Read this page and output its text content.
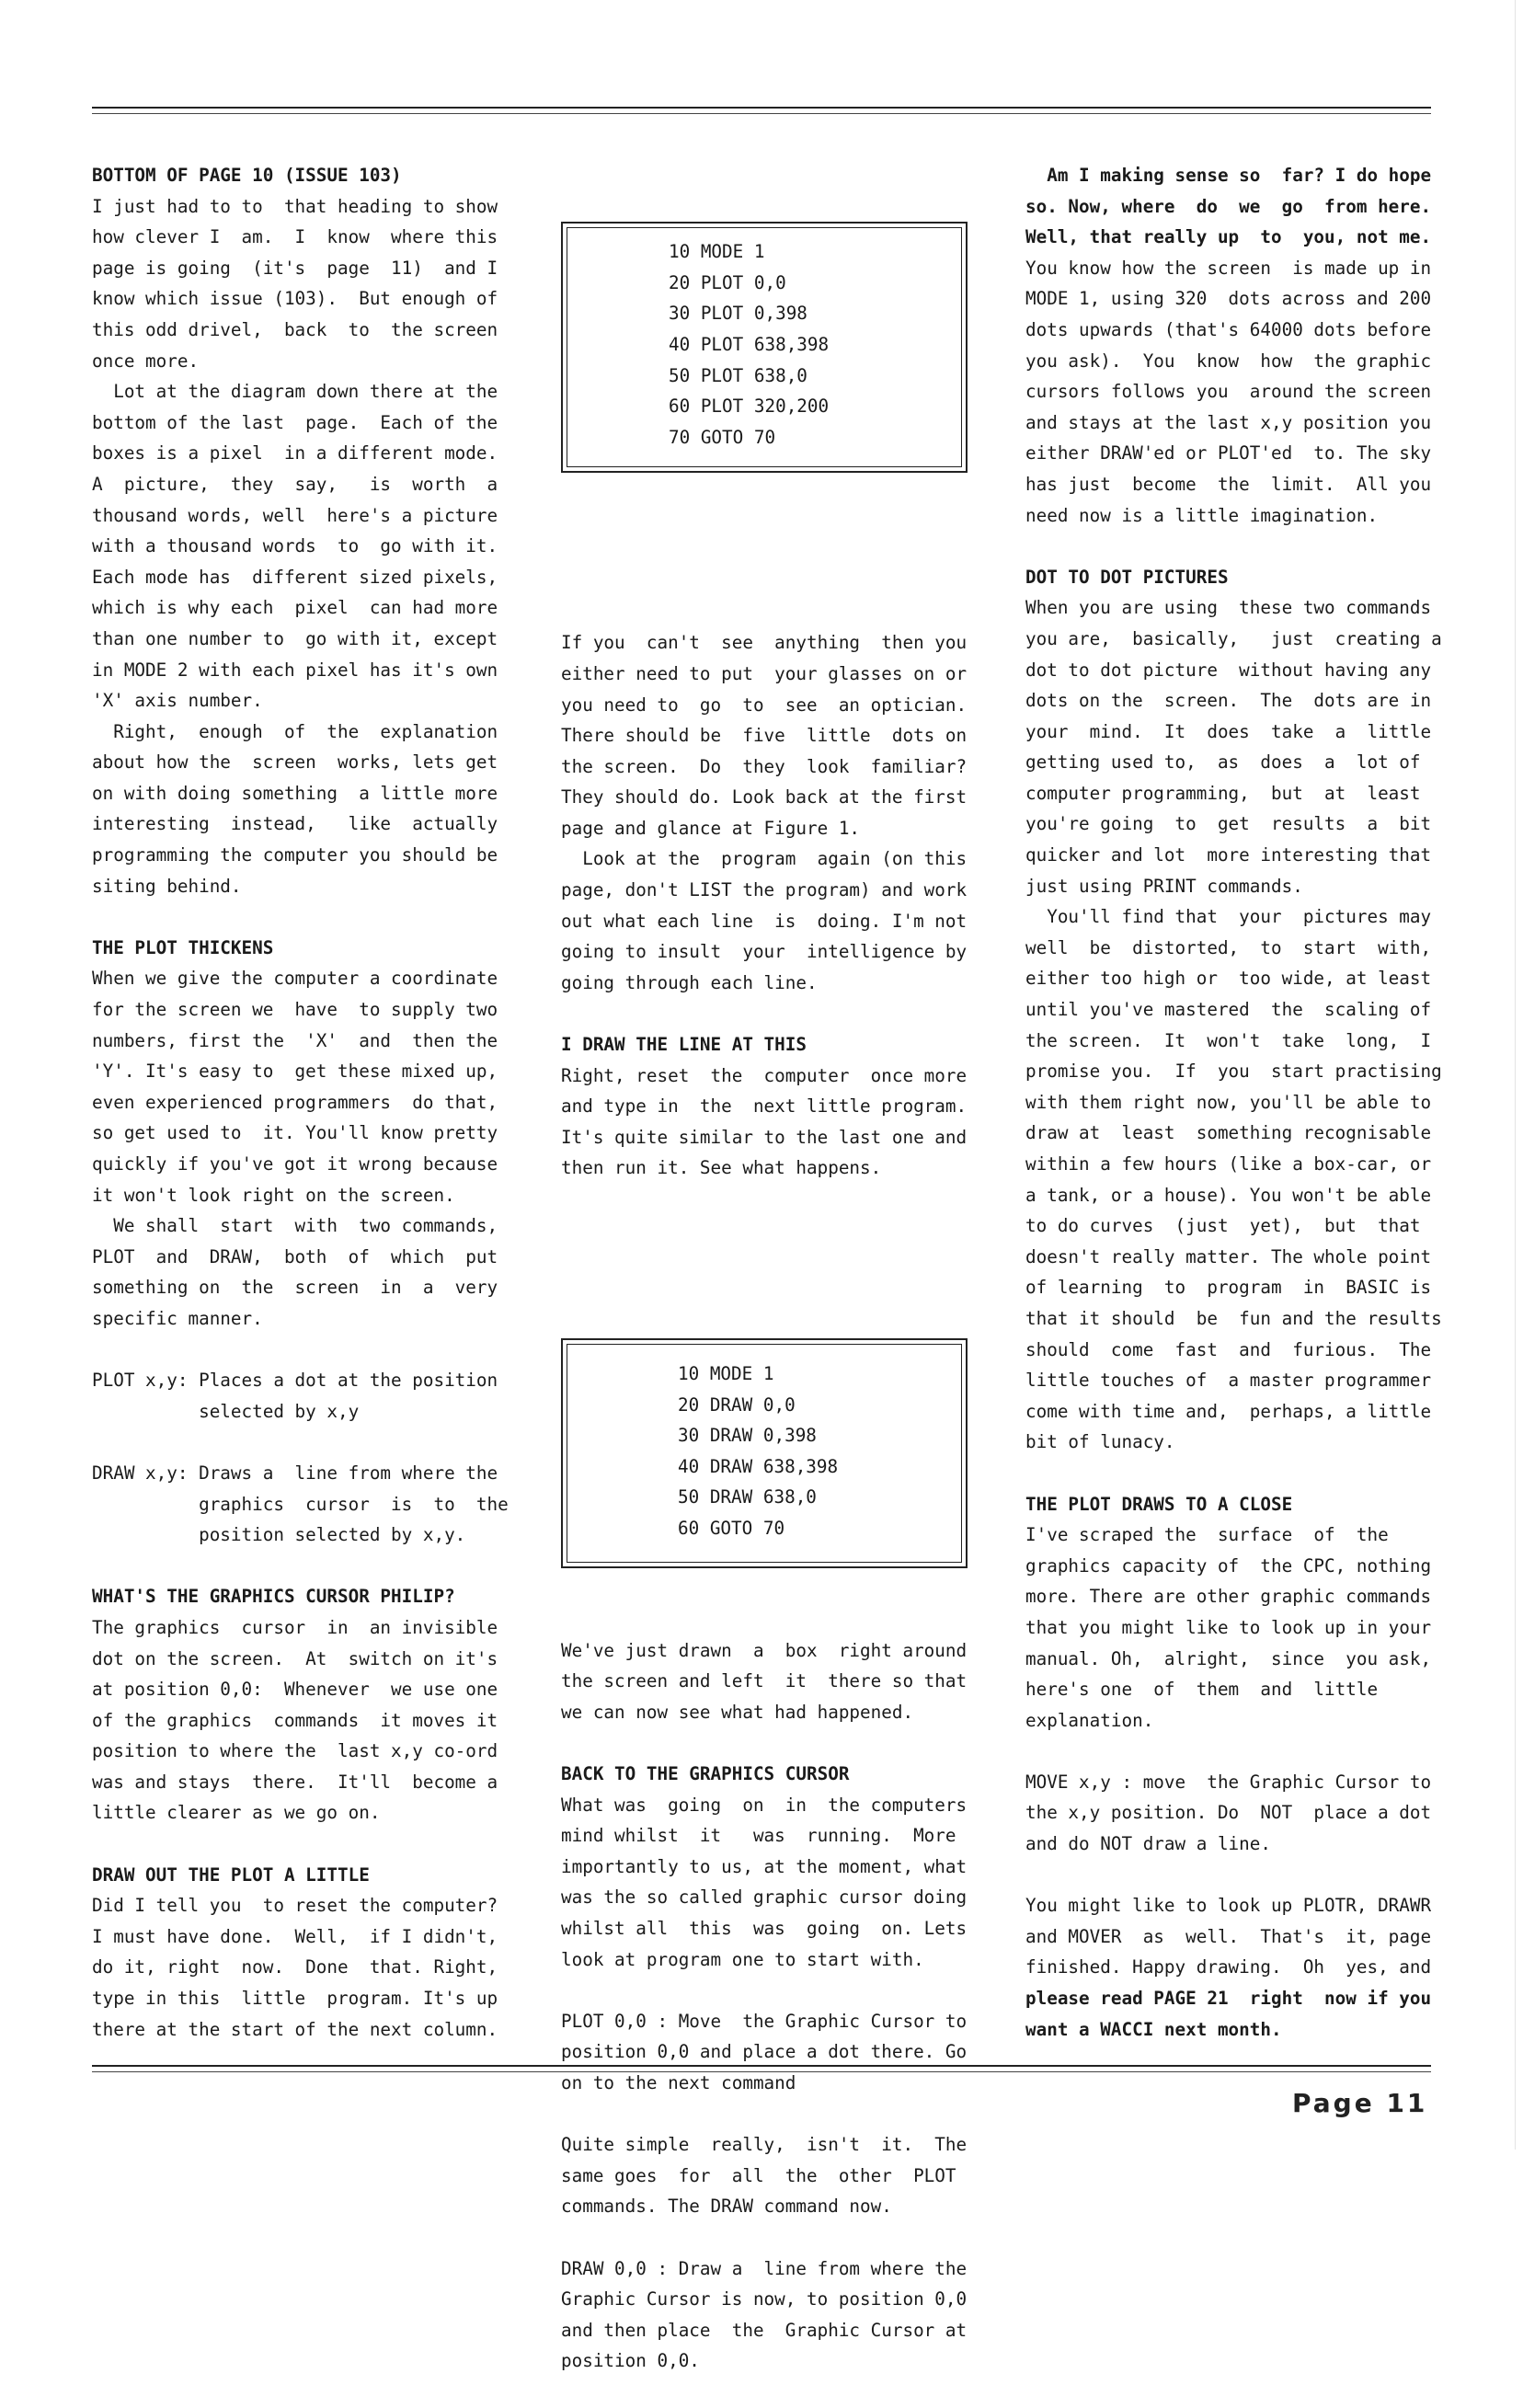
BOTTOM OF PAGE 10 (ISSUE 103)

I just had to to  that heading to show

how clever I  am.  I  know  where this

page is going  (it's  page  11)  and I

know which issue (103).  But enough of

this odd drivel,  back  to  the screen

once more.

Lot at the diagram down there at the

bottom of the last  page.  Each of the

boxes is a pixel  in a different mode.

A  picture,  they  say,   is  worth  a

thousand words, well  here's a picture

with a thousand words  to  go with it.

Each mode has  different sized pixels,

which is why each  pixel  can had more

than one number to  go with it, except

in MODE 2 with each pixel has it's own

'X' axis number.

Right,  enough  of  the  explanation

about how the  screen  works, lets get

on with doing something  a little more

interesting  instead,   like  actually

programming the computer you should be

siting behind.

THE PLOT THICKENS

When we give the computer a coordinate

for the screen we  have  to supply two

numbers, first the  'X'  and  then the

'Y'. It's easy to  get these mixed up,

even experienced programmers  do that,

so get used to  it. You'll know pretty

quickly if you've got it wrong because

it won't look right on the screen.

We shall  start  with  two commands,

PLOT  and  DRAW,  both  of  which  put

something on  the  screen  in  a  very

specific manner.

PLOT x,y: Places a dot at the position

selected by x,y

DRAW x,y: Draws a  line from where the

graphics  cursor  is  to  the

position selected by x,y.

WHAT'S THE GRAPHICS CURSOR PHILIP?

The graphics  cursor  in  an invisible

dot on the screen.  At  switch on it's

at position 0,0:  Whenever  we use one

of the graphics  commands  it moves it

position to where the  last x,y co-ord

was and stays  there.  It'll  become a

little clearer as we go on.

DRAW OUT THE PLOT A LITTLE

Did I tell you  to reset the computer?

I must have done.  Well,  if I didn't,

do it, right  now.  Done  that. Right,

type in this  little  program. It's up

there at the start of the next column.

10 MODE 1
20 PLOT 0,0
30 PLOT 0,398
40 PLOT 638,398
50 PLOT 638,0
60 PLOT 320,200
70 GOTO 70

If you  can't  see  anything  then you

either need to put  your glasses on or

you need to  go  to  see  an optician.

There should be  five  little  dots on

the screen.  Do  they  look  familiar?

They should do. Look back at the first

page and glance at Figure 1.

Look at the  program  again (on this

page, don't LIST the program) and work

out what each line  is  doing. I'm not

going to insult  your  intelligence by

going through each line.

I DRAW THE LINE AT THIS

Right, reset  the  computer  once more

and type in  the  next little program.

It's quite similar to the last one and

then run it. See what happens.

10 MODE 1
20 DRAW 0,0
30 DRAW 0,398
40 DRAW 638,398
50 DRAW 638,0
60 GOTO 70

We've just drawn  a  box  right around

the screen and left  it  there so that

we can now see what had happened.

BACK TO THE GRAPHICS CURSOR

What was  going  on  in  the computers

mind whilst  it   was  running.  More

importantly to us, at the moment, what

was the so called graphic cursor doing

whilst all  this  was  going  on. Lets

look at program one to start with.

PLOT 0,0 : Move  the Graphic Cursor to

position 0,0 and place a dot there. Go

on to the next command

Quite simple  really,  isn't  it.  The

same goes  for  all  the  other  PLOT

commands. The DRAW command now.

DRAW 0,0 : Draw a  line from where the

Graphic Cursor is now, to position 0,0

and then place  the  Graphic Cursor at

position 0,0.

Am I making sense so  far? I do hope

so. Now, where  do  we  go  from here.

Well, that really up  to  you, not me.

You know how the screen  is made up in

MODE 1, using 320  dots across and 200

dots upwards (that's 64000 dots before

you ask).  You  know  how  the graphic

cursors follows you  around the screen

and stays at the last x,y position you

either DRAW'ed or PLOT'ed  to. The sky

has just  become  the  limit.  All you

need now is a little imagination.

DOT TO DOT PICTURES

When you are using  these two commands

you are,  basically,   just  creating a

dot to dot picture  without having any

dots on the  screen.  The  dots are in

your  mind.  It  does  take  a  little

getting used to,  as  does  a  lot of

computer programming,  but  at  least

you're going  to  get  results  a  bit

quicker and lot  more interesting that

just using PRINT commands.

You'll find that  your  pictures may

well  be  distorted,  to  start  with,

either too high or  too wide, at least

until you've mastered  the  scaling of

the screen.  It  won't  take  long,  I

promise you.  If  you  start practising

with them right now, you'll be able to

draw at  least  something recognisable

within a few hours (like a box-car, or

a tank, or a house). You won't be able

to do curves  (just  yet),  but  that

doesn't really matter. The whole point

of learning  to  program  in  BASIC is

that it should  be  fun and the results

should  come  fast  and  furious.  The

little touches of  a master programmer

come with time and,  perhaps, a little

bit of lunacy.

THE PLOT DRAWS TO A CLOSE

I've scraped the  surface  of  the

graphics capacity of  the CPC, nothing

more. There are other graphic commands

that you might like to look up in your

manual. Oh,  alright,  since  you ask,

here's one  of  them  and  little

explanation.

MOVE x,y : move  the Graphic Cursor to

the x,y position. Do  NOT  place a dot

and do NOT draw a line.

You might like to look up PLOTR, DRAWR

and MOVER  as  well.  That's  it, page

finished. Happy drawing.  Oh  yes, and

please read PAGE 21  right  now if you

want a WACCI next month.

Page 11
